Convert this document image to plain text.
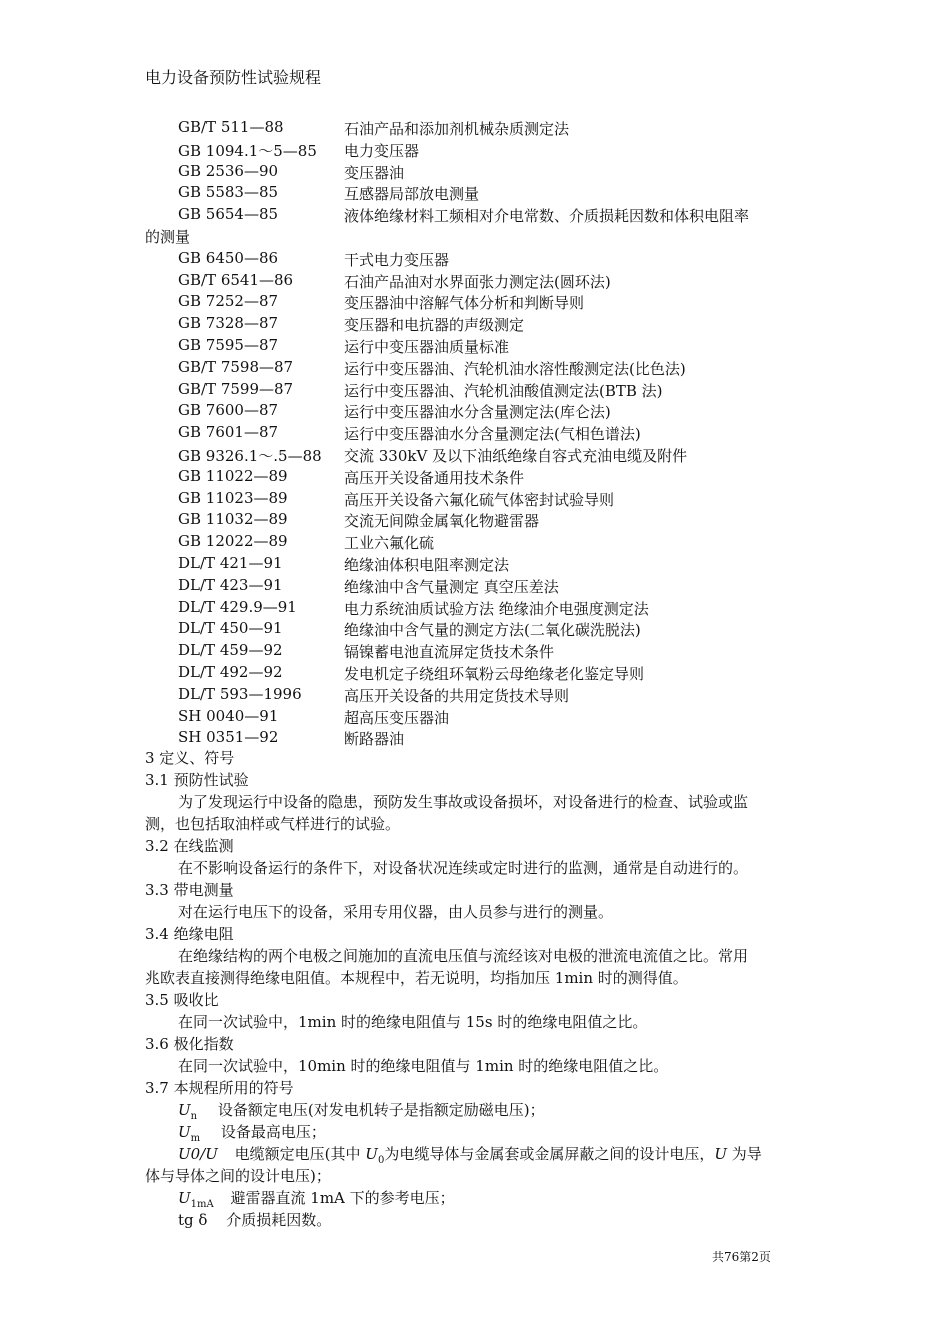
电力设备预防性试验规程
GB/T 511—88	石油产品和添加剂机械杂质测定法
GB 1094.1～5—85 电力变压器
GB 2536—90	变压器油
GB 5583—85	互感器局部放电测量
GB 5654—85	液体绝缘材料工频相对介电常数、介质损耗因数和体积电阻率
的测量
GB 6450—86	干式电力变压器
GB/T 6541—86	石油产品油对水界面张力测定法(圆环法)
GB 7252—87	变压器油中溶解气体分析和判断导则
GB 7328—87	变压器和电抗器的声级测定
GB 7595—87	运行中变压器油质量标准
GB/T 7598—87	运行中变压器油、汽轮机油水溶性酸测定法(比色法)
GB/T 7599—87	运行中变压器油、汽轮机油酸值测定法(BTB 法)
GB 7600—87	运行中变压器油水分含量测定法(库仑法)
GB 7601—87	运行中变压器油水分含量测定法(气相色谱法)
GB 9326.1～.5—88 交流 330kV 及以下油纸绝缘自容式充油电缆及附件
GB 11022—89	高压开关设备通用技术条件
GB 11023—89	高压开关设备六氟化硫气体密封试验导则
GB 11032—89	交流无间隙金属氧化物避雷器
GB 12022—89	工业六氟化硫
DL/T 421—91	绝缘油体积电阻率测定法
DL/T 423—91	绝缘油中含气量测定 真空压差法
DL/T 429.9—91	电力系统油质试验方法 绝缘油介电强度测定法
DL/T 450—91	绝缘油中含气量的测定方法(二氧化碳洗脱法)
DL/T 459—92	镉镍蓄电池直流屏定货技术条件
DL/T 492—92	发电机定子绕组环氧粉云母绝缘老化鉴定导则
DL/T 593—1996	高压开关设备的共用定货技术导则
SH 0040—91	超高压变压器油
SH 0351—92	断路器油
3 定义、符号
3.1 预防性试验
为了发现运行中设备的隐患，预防发生事故或设备损坏，对设备进行的检查、试验或监
测，也包括取油样或气样进行的试验。
3.2 在线监测
在不影响设备运行的条件下，对设备状况连续或定时进行的监测，通常是自动进行的。
3.3 带电测量
对在运行电压下的设备，采用专用仪器，由人员参与进行的测量。
3.4 绝缘电阻
在绝缘结构的两个电极之间施加的直流电压值与流经该对电极的泄流电流值之比。常用
兆欧表直接测得绝缘电阻值。本规程中，若无说明，均指加压 1min 时的测得值。
3.5 吸收比
在同一次试验中，1min 时的绝缘电阻值与 15s 时的绝缘电阻值之比。
3.6 极化指数
在同一次试验中，10min 时的绝缘电阻值与 1min 时的绝缘电阻值之比。
3.7 本规程所用的符号
$U_n$ 设备额定电压(对发电机转子是指额定励磁电压)；
$U_m$ 设备最高电压；
U0/U 电缆额定电压(其中 $U_0$为电缆导体与金属套或金属屏蔽之间的设计电压，U 为导
体与导体之间的设计电压)；
$U_{1mA}$ 避雷器直流 1mA 下的参考电压；
tg δ 介质损耗因数。
共76第2页
